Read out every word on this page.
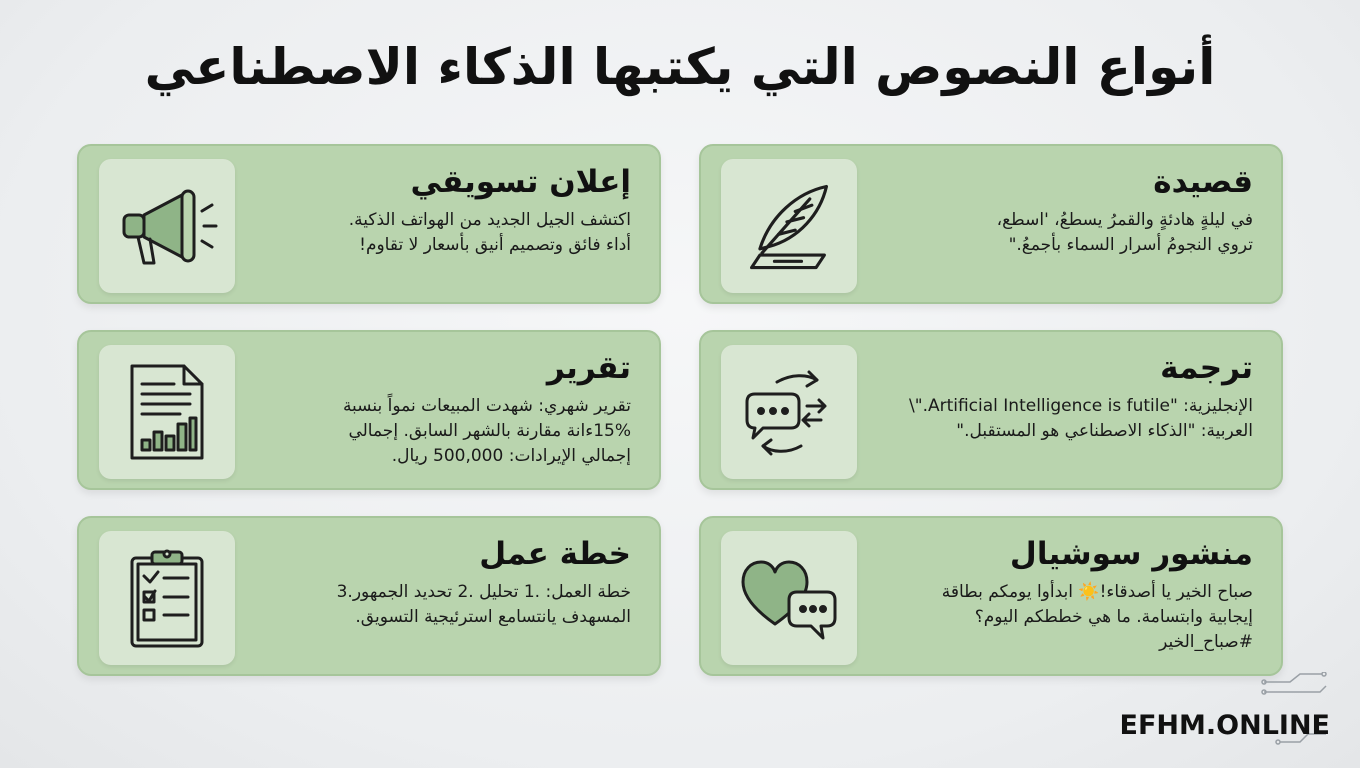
أنواع النصوص التي يكتبها الذكاء الاصطناعي
قصيدة
في ليلةٍ هادئةٍ والقمرُ يسطعُ، 'اسطع،
تروي النجومُ أسرار السماء بأجمعُ."
إعلان تسويقي
اكتشف الجيل الجديد من الهواتف الذكية.
أداء فائق وتصميم أنيق بأسعار لا تقاوم!
ترجمة
الإنجليزية: "Artificial Intelligence is futile."\
العربية: "الذكاء الاصطناعي هو المستقبل."
تقرير
تقرير شهري: شهدت المبيعات نمواً بنسبة
15%ءانة مقارنة بالشهر السابق. إجمالي
إجمالي الإيرادات: 500,000 ريال.
منشور سوشيال
صباح الخير يا أصدقاء!☀️ ابدأوا يومكم بطاقة
إيجابية وابتسامة. ما هي خططكم اليوم؟
#صباح_الخير
خطة عمل
خطة العمل: .1 تحليل .2 تحديد الجمهور.3
المسهدف يانتسامع استرئيجية التسويق.
EFHM.ONLINE
